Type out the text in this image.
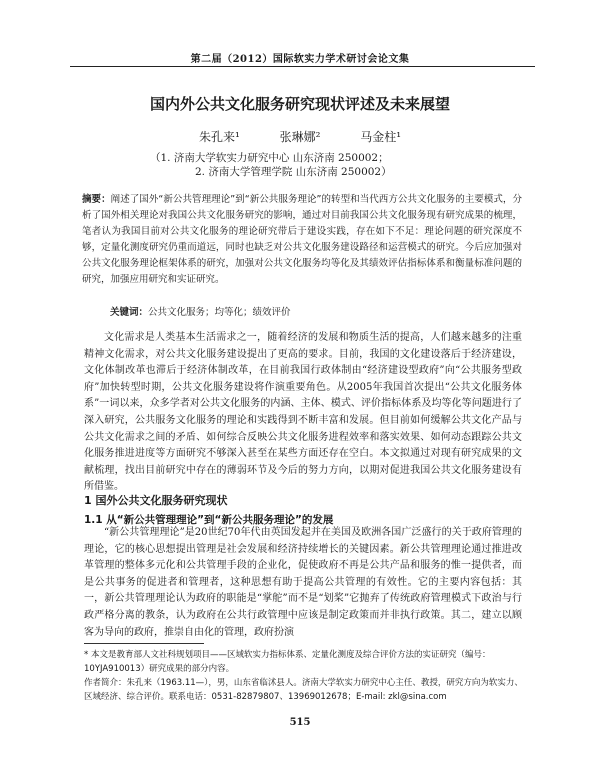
第二届（2012）国际软实力学术研讨会论文集
国内外公共文化服务研究现状评述及未来展望
朱孔来¹	张琳娜²	马金柱¹
（1. 济南大学软实力研究中心 山东济南 250002；
2. 济南大学管理学院 山东济南 250002）
摘要：阐述了国外“新公共管理理论”到“新公共服务理论”的转型和当代西方公共文化服务的主要模式，分析了国外相关理论对我国公共文化服务研究的影响，通过对目前我国公共文化服务现有研究成果的梳理，笔者认为我国目前对公共文化服务的理论研究带后于建设实践，存在如下不足：理论问题的研究深度不够，定量化测度研究仍重而道远，同时也缺乏对公共文化服务建设路径和运营模式的研究。今后应加强对公共文化服务理论框架体系的研究，加强对公共文化服务均等化及其绩效评估指标体系和衡量标准问题的研究，加强应用研究和实证研究。
关键词：公共文化服务；均等化；绩效评价
文化需求是人类基本生活需求之一，随着经济的发展和物质生活的提高，人们越来越多的注重精神文化需求，对公共文化服务建设提出了更高的要求。目前，我国的文化建设落后于经济建设，文化体制改革也滞后于经济体制改革，在目前我国行政体制由“经济建设型政府”向“公共服务型政府”加快转型时期，公共文化服务建设将作演重要角色。从2005年我国首次提出“公共文化服务体系”一词以来，众多学者对公共文化服务的内涵、主体、模式、评价指标体系及均等化等问题进行了深入研究，公共服务文化服务的理论和实践得到不断丰富和发展。但目前如何缓解公共文化产品与公共文化需求之间的矛盾、如何综合反映公共文化服务进程效率和落实效果、如何动态跟踪公共文化服务推进进度等方面研究不够深入甚至在某些方面还存在空白。本文拟通过对现有研究成果的文献梳理，找出目前研究中存在的薄弱环节及今后的努力方向，以期对促进我国公共文化服务建设有所借鉴。
1 国外公共文化服务研究现状
1.1 从“新公共管理理论”到“新公共服务理论”的发展
“新公共管理理论”是20世纪70年代由英国发起并在美国及欧洲各国广泛盛行的关于政府管理的理论，它的核心思想提出管理是社会发展和经济持续增长的关键因素。新公共管理理论通过推进改革管理的整体多元化和公共管理手段的企业化，促使政府不再是公共产品和服务的惟一提供者，而是公共事务的促进者和管理者，这种思想有助于提高公共管理的有效性。它的主要内容包括：其一，新公共管理理论认为政府的职能是“掌舵”而不是“划桨”它抛弃了传统政府管理模式下政治与行政严格分离的教条，认为政府在公共行政管理中应该是制定政策而并非执行政策。其二，建立以顾客为导向的政府，推崇自由化的管理，政府扮演

* 本文是教育部人文社科规划项目——区域软实力指标体系、定量化测度及综合评价方法的实证研究（编号：10YJA910013）研究成果的部分内容。

作者简介：朱孔来（1963.11—），男，山东省临沭县人。济南大学软实力研究中心主任、教授，研究方向为软实力、区域经济、综合评价。联系电话：0531-82879807、13969012678；E-mail: zkl@sina.com

515
